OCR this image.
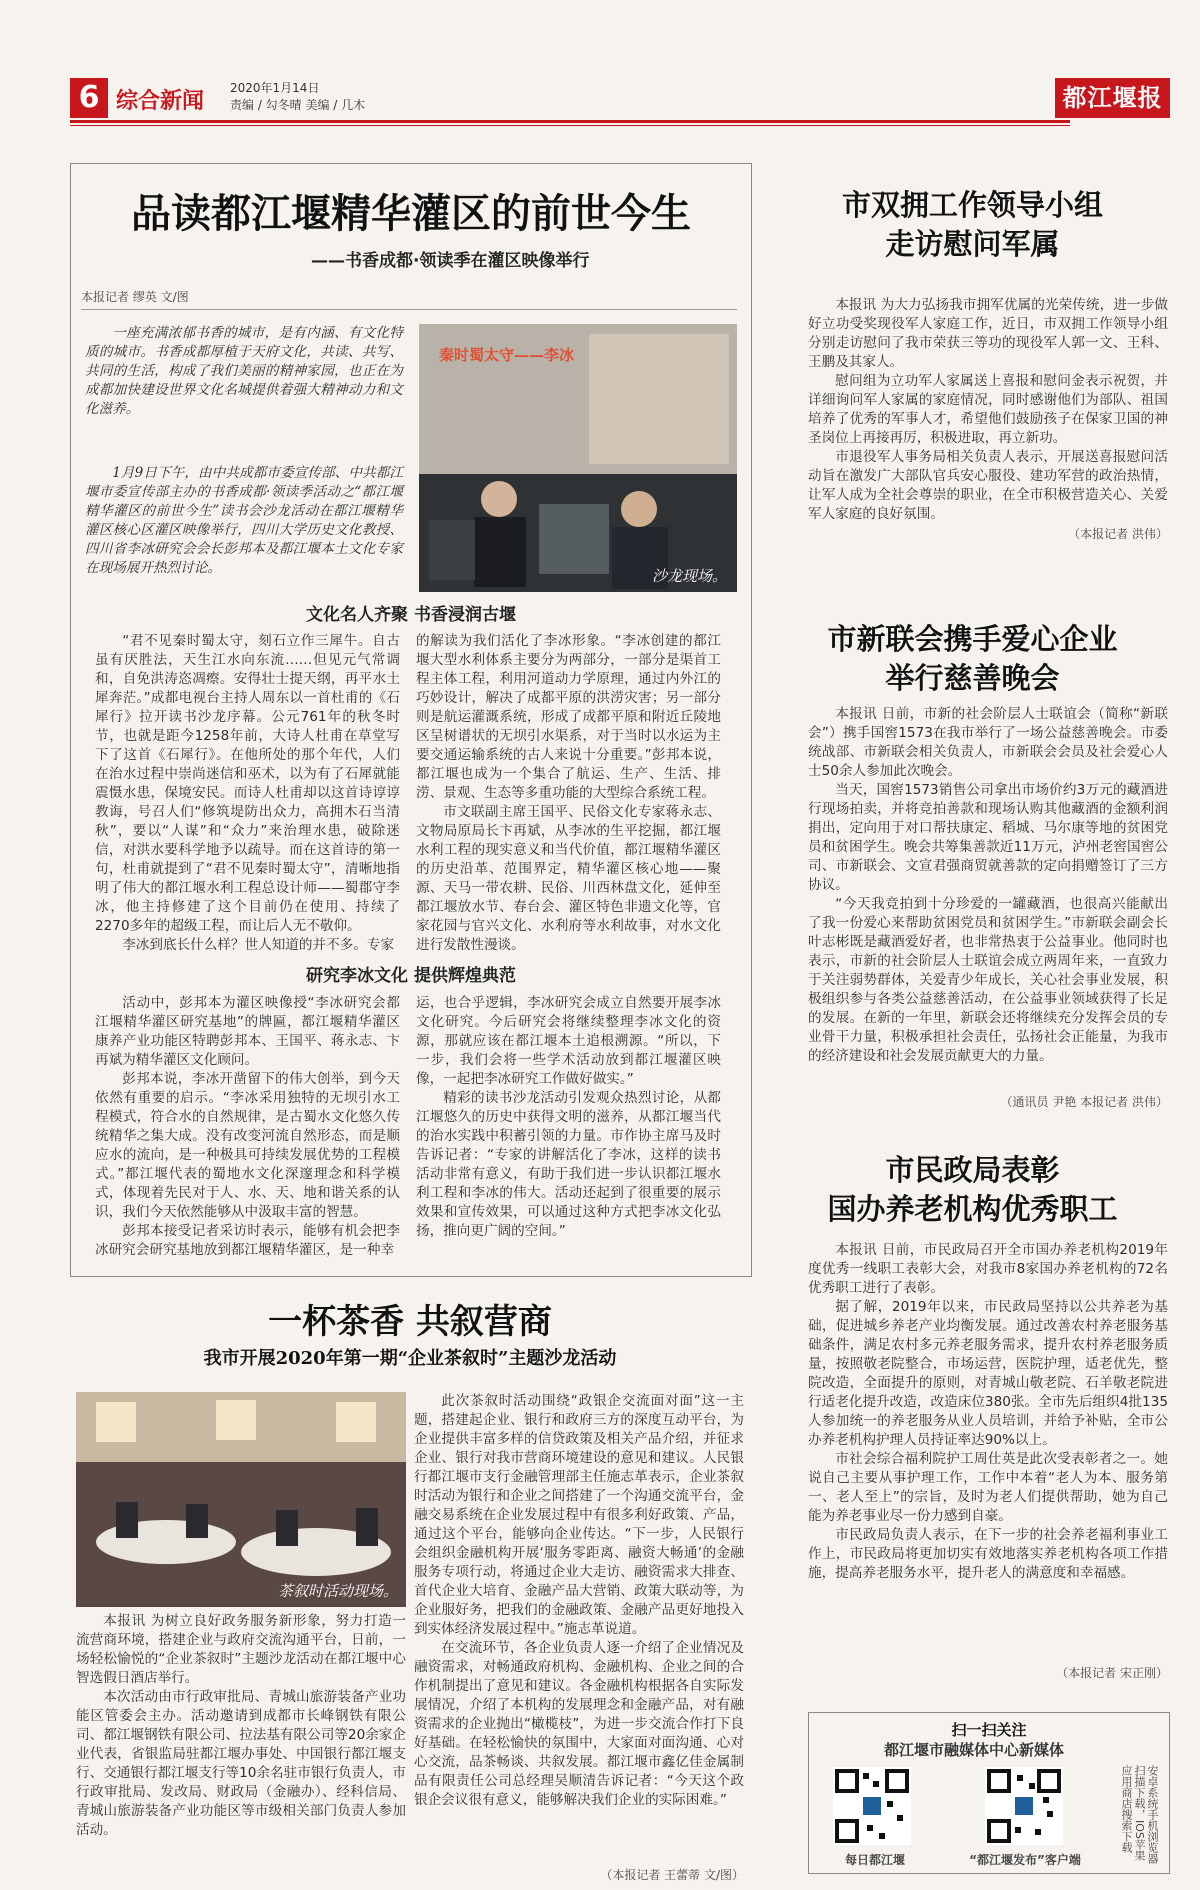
6 综合新闻
2020年1月14日
责编 / 勾冬晴 美编 / 几木	都江堰报
品读都江堰精华灌区的前世今生
——书香成都·领读季在灌区映像举行
本报记者 缪英 文/图
一座充满浓郁书香的城市，是有内涵、有文化特质的城市。书香成都厚植于天府文化，共读、共写、共同的生活，构成了我们美丽的精神家园，也正在为成都加快建设世界文化名城提供着强大精神动力和文化滋养。
1月9日下午，由中共成都市委宣传部、中共都江堰市委宣传部主办的书香成都·领读季活动之“都江堰精华灌区的前世今生”读书会沙龙活动在都江堰精华灌区核心区灌区映像举行，四川大学历史文化教授、四川省李冰研究会会长彭邦本及都江堰本土文化专家在现场展开热烈讨论。
秦时蜀太守——李冰
沙龙现场。
文化名人齐聚 书香浸润古堰
“君不见秦时蜀太守，刻石立作三犀牛。自古虽有厌胜法，天生江水向东流……但见元气常调和，自免洪涛恣凋瘵。安得壮士提天纲，再平水土犀奔茫。”成都电视台主持人周东以一首杜甫的《石犀行》拉开读书沙龙序幕。公元761年的秋冬时节，也就是距今1258年前，大诗人杜甫在草堂写下了这首《石犀行》。在他所处的那个年代，人们在治水过程中崇尚迷信和巫术，以为有了石犀就能震慑水患，保境安民。而诗人杜甫却以这首诗谆谆教诲，号召人们“修筑堤防出众力，高拥木石当清秋”，要以“人谋”和“众力”来治理水患，破除迷信，对洪水要科学地予以疏导。而在这首诗的第一句，杜甫就提到了“君不见秦时蜀太守”，清晰地指明了伟大的都江堰水利工程总设计师——蜀郡守李冰，他主持修建了这个目前仍在使用、持续了2270多年的超级工程，而让后人无不敬仰。
李冰到底长什么样？世人知道的并不多。专家
的解读为我们活化了李冰形象。“李冰创建的都江堰大型水利体系主要分为两部分，一部分是渠首工程主体工程，利用河道动力学原理，通过内外江的巧妙设计，解决了成都平原的洪涝灾害；另一部分则是航运灌溉系统，形成了成都平原和附近丘陵地区呈树谱状的无坝引水渠系，对于当时以水运为主要交通运输系统的古人来说十分重要。”彭邦本说，都江堰也成为一个集合了航运、生产、生活、排涝、景观、生态等多重功能的大型综合系统工程。
市文联副主席王国平、民俗文化专家蒋永志、文物局原局长卞再斌，从李冰的生平挖掘，都江堰水利工程的现实意义和当代价值，都江堰精华灌区的历史沿革、范围界定，精华灌区核心地——聚源、天马一带农耕、民俗、川西林盘文化，延伸至都江堰放水节、春台会、灌区特色非遗文化等，官家花园与官兴文化、水利府等水利故事，对水文化进行发散性漫谈。
研究李冰文化 提供辉煌典范
活动中，彭邦本为灌区映像授“李冰研究会都江堰精华灌区研究基地”的牌匾，都江堰精华灌区康养产业功能区特聘彭邦本、王国平、蒋永志、卞再斌为精华灌区文化顾问。
彭邦本说，李冰开凿留下的伟大创举，到今天依然有重要的启示。“李冰采用独特的无坝引水工程模式，符合水的自然规律，是古蜀水文化悠久传统精华之集大成。没有改变河流自然形态，而是顺应水的流向，是一种极具可持续发展优势的工程模式。”都江堰代表的蜀地水文化深邃理念和科学模式，体现着先民对于人、水、天、地和谐关系的认识，我们今天依然能够从中汲取丰富的智慧。
彭邦本接受记者采访时表示，能够有机会把李冰研究会研究基地放到都江堰精华灌区，是一种幸
运，也合乎逻辑，李冰研究会成立自然要开展李冰文化研究。今后研究会将继续整理李冰文化的资源，那就应该在都江堰本土追根溯源。“所以，下一步，我们会将一些学术活动放到都江堰灌区映像，一起把李冰研究工作做好做实。”
精彩的读书沙龙活动引发观众热烈讨论，从都江堰悠久的历史中获得文明的滋养，从都江堰当代的治水实践中积蓄引领的力量。市作协主席马及时告诉记者：“专家的讲解活化了李冰，这样的读书活动非常有意义，有助于我们进一步认识都江堰水利工程和李冰的伟大。活动还起到了很重要的展示效果和宣传效果，可以通过这种方式把李冰文化弘扬，推向更广阔的空间。”
市双拥工作领导小组
走访慰问军属
本报讯 为大力弘扬我市拥军优属的光荣传统，进一步做好立功受奖现役军人家庭工作，近日，市双拥工作领导小组分别走访慰问了我市荣获三等功的现役军人郭一文、王科、王鹏及其家人。
慰问组为立功军人家属送上喜报和慰问金表示祝贺，并详细询问军人家属的家庭情况，同时感谢他们为部队、祖国培养了优秀的军事人才，希望他们鼓励孩子在保家卫国的神圣岗位上再接再厉，积极进取，再立新功。
市退役军人事务局相关负责人表示，开展送喜报慰问活动旨在激发广大部队官兵安心服役、建功军营的政治热情，让军人成为全社会尊崇的职业，在全市积极营造关心、关爱军人家庭的良好氛围。
（本报记者 洪伟）
市新联会携手爱心企业
举行慈善晚会
本报讯 日前，市新的社会阶层人士联谊会（简称“新联会”）携手国窖1573在我市举行了一场公益慈善晚会。市委统战部、市新联会相关负责人，市新联会会员及社会爱心人士50余人参加此次晚会。
当天，国窖1573销售公司拿出市场价约3万元的藏酒进行现场拍卖，并将竞拍善款和现场认购其他藏酒的金额利润捐出，定向用于对口帮扶康定、稻城、马尔康等地的贫困党员和贫困学生。晚会共筹集善款近11万元，泸州老窖国窖公司、市新联会、文宣君强商贸就善款的定向捐赠签订了三方协议。
“今天我竞拍到十分珍爱的一罐藏酒，也很高兴能献出了我一份爱心来帮助贫困党员和贫困学生。”市新联会副会长叶志彬既是藏酒爱好者，也非常热衷于公益事业。他同时也表示，市新的社会阶层人士联谊会成立两周年来，一直致力于关注弱势群体，关爱青少年成长，关心社会事业发展，积极组织参与各类公益慈善活动，在公益事业领域获得了长足的发展。在新的一年里，新联会还将继续充分发挥会员的专业骨干力量，积极承担社会责任，弘扬社会正能量，为我市的经济建设和社会发展贡献更大的力量。
（通讯员 尹艳 本报记者 洪伟）
市民政局表彰
国办养老机构优秀职工
本报讯 日前，市民政局召开全市国办养老机构2019年度优秀一线职工表彰大会，对我市8家国办养老机构的72名优秀职工进行了表彰。
据了解，2019年以来，市民政局坚持以公共养老为基础，促进城乡养老产业均衡发展。通过改善农村养老服务基础条件，满足农村多元养老服务需求，提升农村养老服务质量，按照敬老院整合，市场运营，医院护理，适老优先，整院改造，全面提升的原则，对青城山敬老院、石羊敬老院进行适老化提升改造，改造床位380张。全市先后组织4批135人参加统一的养老服务从业人员培训，并给予补贴，全市公办养老机构护理人员持证率达90%以上。
市社会综合福利院护工周仕英是此次受表彰者之一。她说自己主要从事护理工作，工作中本着“老人为本、服务第一、老人至上”的宗旨，及时为老人们提供帮助，她为自己能为养老事业尽一份力感到自豪。
市民政局负责人表示，在下一步的社会养老福利事业工作上，市民政局将更加切实有效地落实养老机构各项工作措施，提高养老服务水平，提升老人的满意度和幸福感。
（本报记者 宋正刚）
一杯茶香 共叙营商
我市开展2020年第一期“企业茶叙时”主题沙龙活动
茶叙时活动现场。
本报讯 为树立良好政务服务新形象，努力打造一流营商环境，搭建企业与政府交流沟通平台，日前，一场轻松愉悦的“企业茶叙时”主题沙龙活动在都江堰中心智选假日酒店举行。
本次活动由市行政审批局、青城山旅游装备产业功能区管委会主办。活动邀请到成都市长峰钢铁有限公司、都江堰钢铁有限公司、拉法基有限公司等20余家企业代表，省银监局驻都江堰办事处、中国银行都江堰支行、交通银行都江堰支行等10余名驻市银行负责人，市行政审批局、发改局、财政局（金融办）、经科信局、青城山旅游装备产业功能区等市级相关部门负责人参加活动。
此次茶叙时活动围绕“政银企交流面对面”这一主题，搭建起企业、银行和政府三方的深度互动平台，为企业提供丰富多样的信贷政策及相关产品介绍，并征求企业、银行对我市营商环境建设的意见和建议。人民银行都江堰市支行金融管理部主任施志革表示，企业茶叙时活动为银行和企业之间搭建了一个沟通交流平台，金融交易系统在企业发展过程中有很多利好政策、产品，通过这个平台，能够向企业传达。“下一步，人民银行会组织金融机构开展‘服务零距离、融资大畅通’的金融服务专项行动，将通过企业大走访、融资需求大排查、首代企业大培育、金融产品大营销、政策大联动等，为企业服好务，把我们的金融政策、金融产品更好地投入到实体经济发展过程中。”施志革说道。
在交流环节，各企业负责人逐一介绍了企业情况及融资需求，对畅通政府机构、金融机构、企业之间的合作机制提出了意见和建议。各金融机构根据各自实际发展情况，介绍了本机构的发展理念和金融产品，对有融资需求的企业抛出“橄榄枝”，为进一步交流合作打下良好基础。在轻松愉快的氛围中，大家面对面沟通、心对心交流，品茶畅谈、共叙发展。都江堰市鑫亿佳金属制品有限责任公司总经理吴顺清告诉记者：“今天这个政银企会议很有意义，能够解决我们企业的实际困难。”
（本报记者 王蕾蒂 文/图）
扫一扫关注
都江堰市融媒体中心新媒体
每日都江堰	“都江堰发布”客户端	安卓系统手机浏览器扫描下载，IOS苹果应用商店搜索下载
